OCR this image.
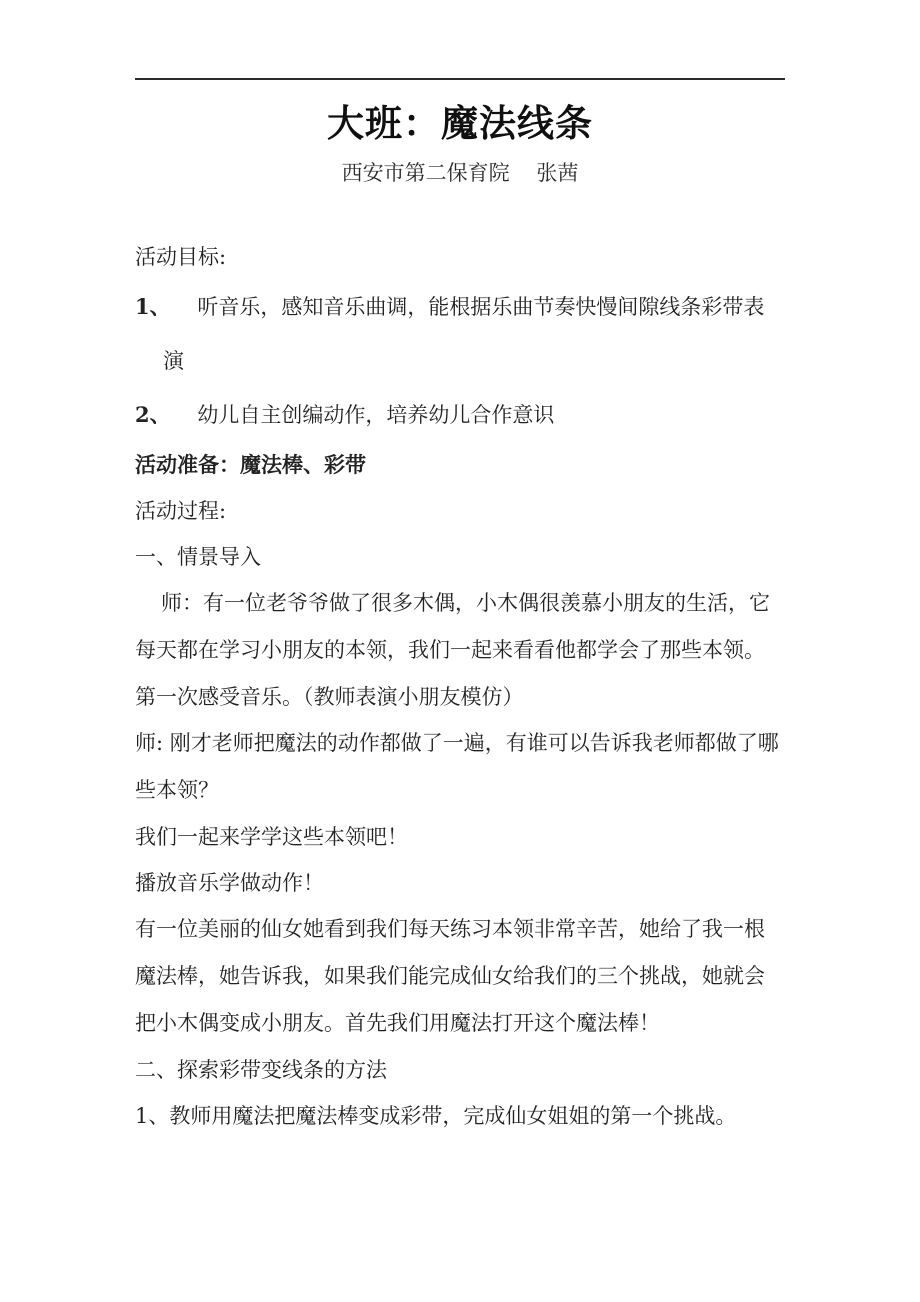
大班：魔法线条

西安市第二保育院    张茜

活动目标:
1、    听音乐，感知音乐曲调，能根据乐曲节奏快慢间隙线条彩带表演
2、    幼儿自主创编动作，培养幼儿合作意识
活动准备：魔法棒、彩带
活动过程:
一、情景导入

师：有一位老爷爷做了很多木偶，小木偶很羡慕小朋友的生活，它每天都在学习小朋友的本领，我们一起来看看他都学会了那些本领。

第一次感受音乐。（教师表演小朋友模仿）

师: 刚才老师把魔法的动作都做了一遍，有谁可以告诉我老师都做了哪些本领？

我们一起来学学这些本领吧！
播放音乐学做动作！

有一位美丽的仙女她看到我们每天练习本领非常辛苦，她给了我一根魔法棒，她告诉我，如果我们能完成仙女给我们的三个挑战，她就会把小木偶变成小朋友。首先我们用魔法打开这个魔法棒！

二、探索彩带变线条的方法
1、教师用魔法把魔法棒变成彩带，完成仙女姐姐的第一个挑战。
